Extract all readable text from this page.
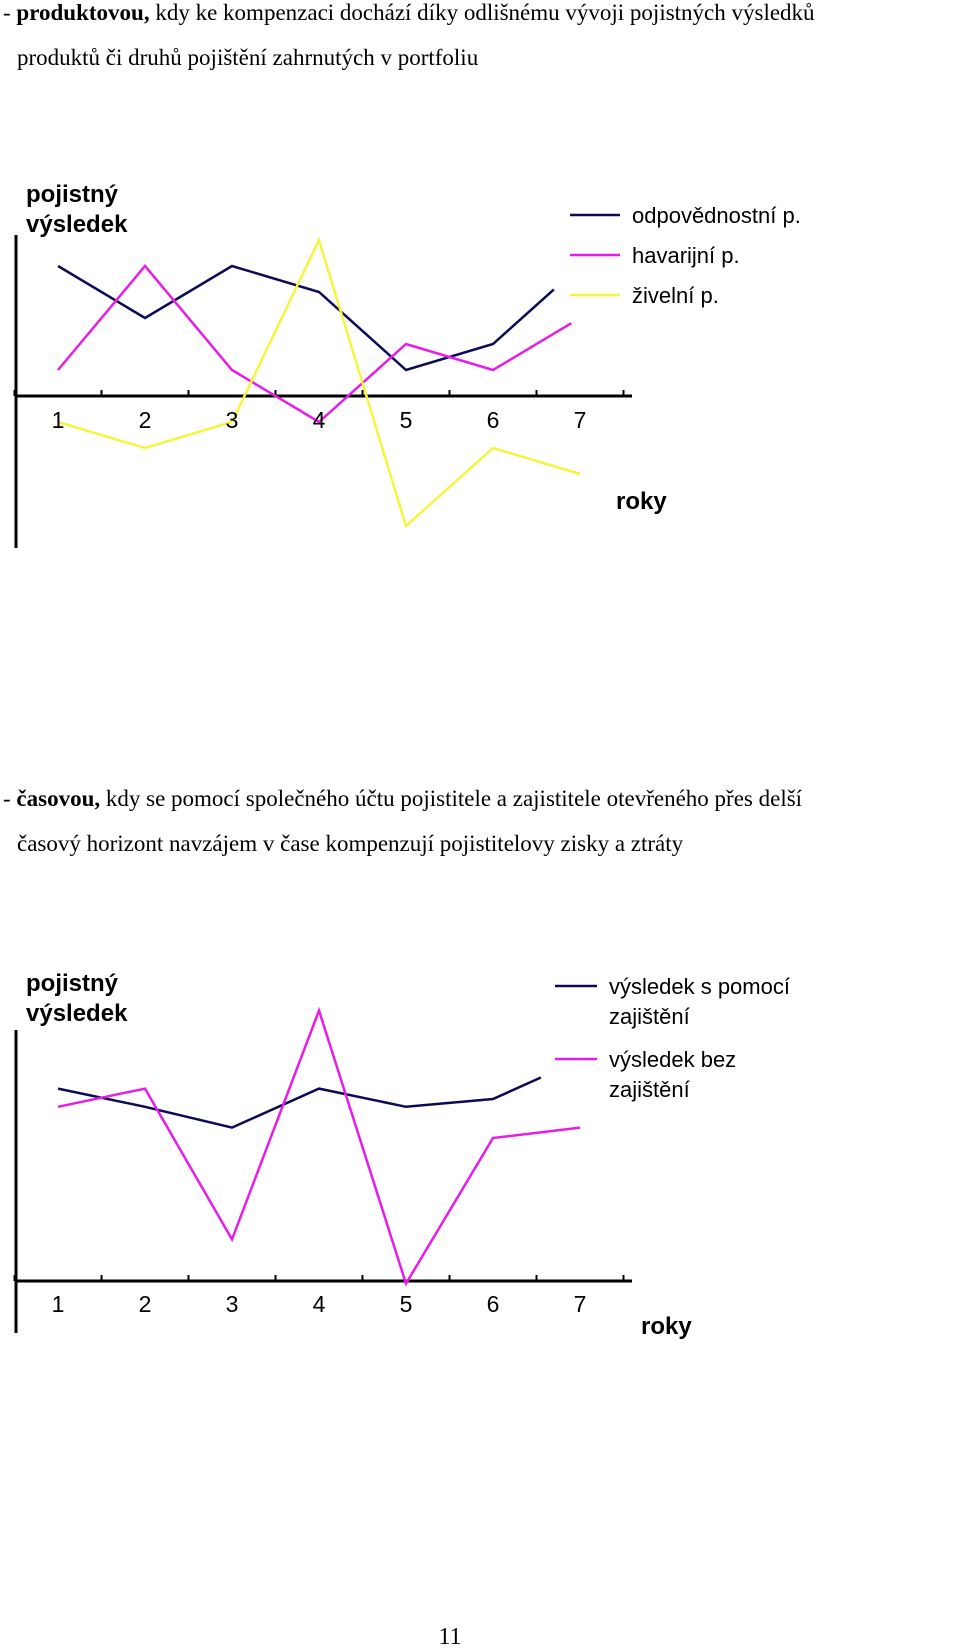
- produktovou, kdy ke kompenzaci dochází díky odlišnému vývoji pojistných výsledků
produktů či druhů pojištění zahrnutých v portfoliu
pojistný
výsledek
roky
1	2	3	4	5	6	7
odpovědnostní p.
havarijní p.
živelní p.
- časovou, kdy se pomocí společného účtu pojistitele a zajistitele otevřeného přes delší
časový horizont navzájem v čase kompenzují pojistitelovy zisky a ztráty
pojistný
výsledek
roky
1	2	3	4	5	6	7
výsledek s pomocí
zajištění
výsledek bez
zajištění
11
